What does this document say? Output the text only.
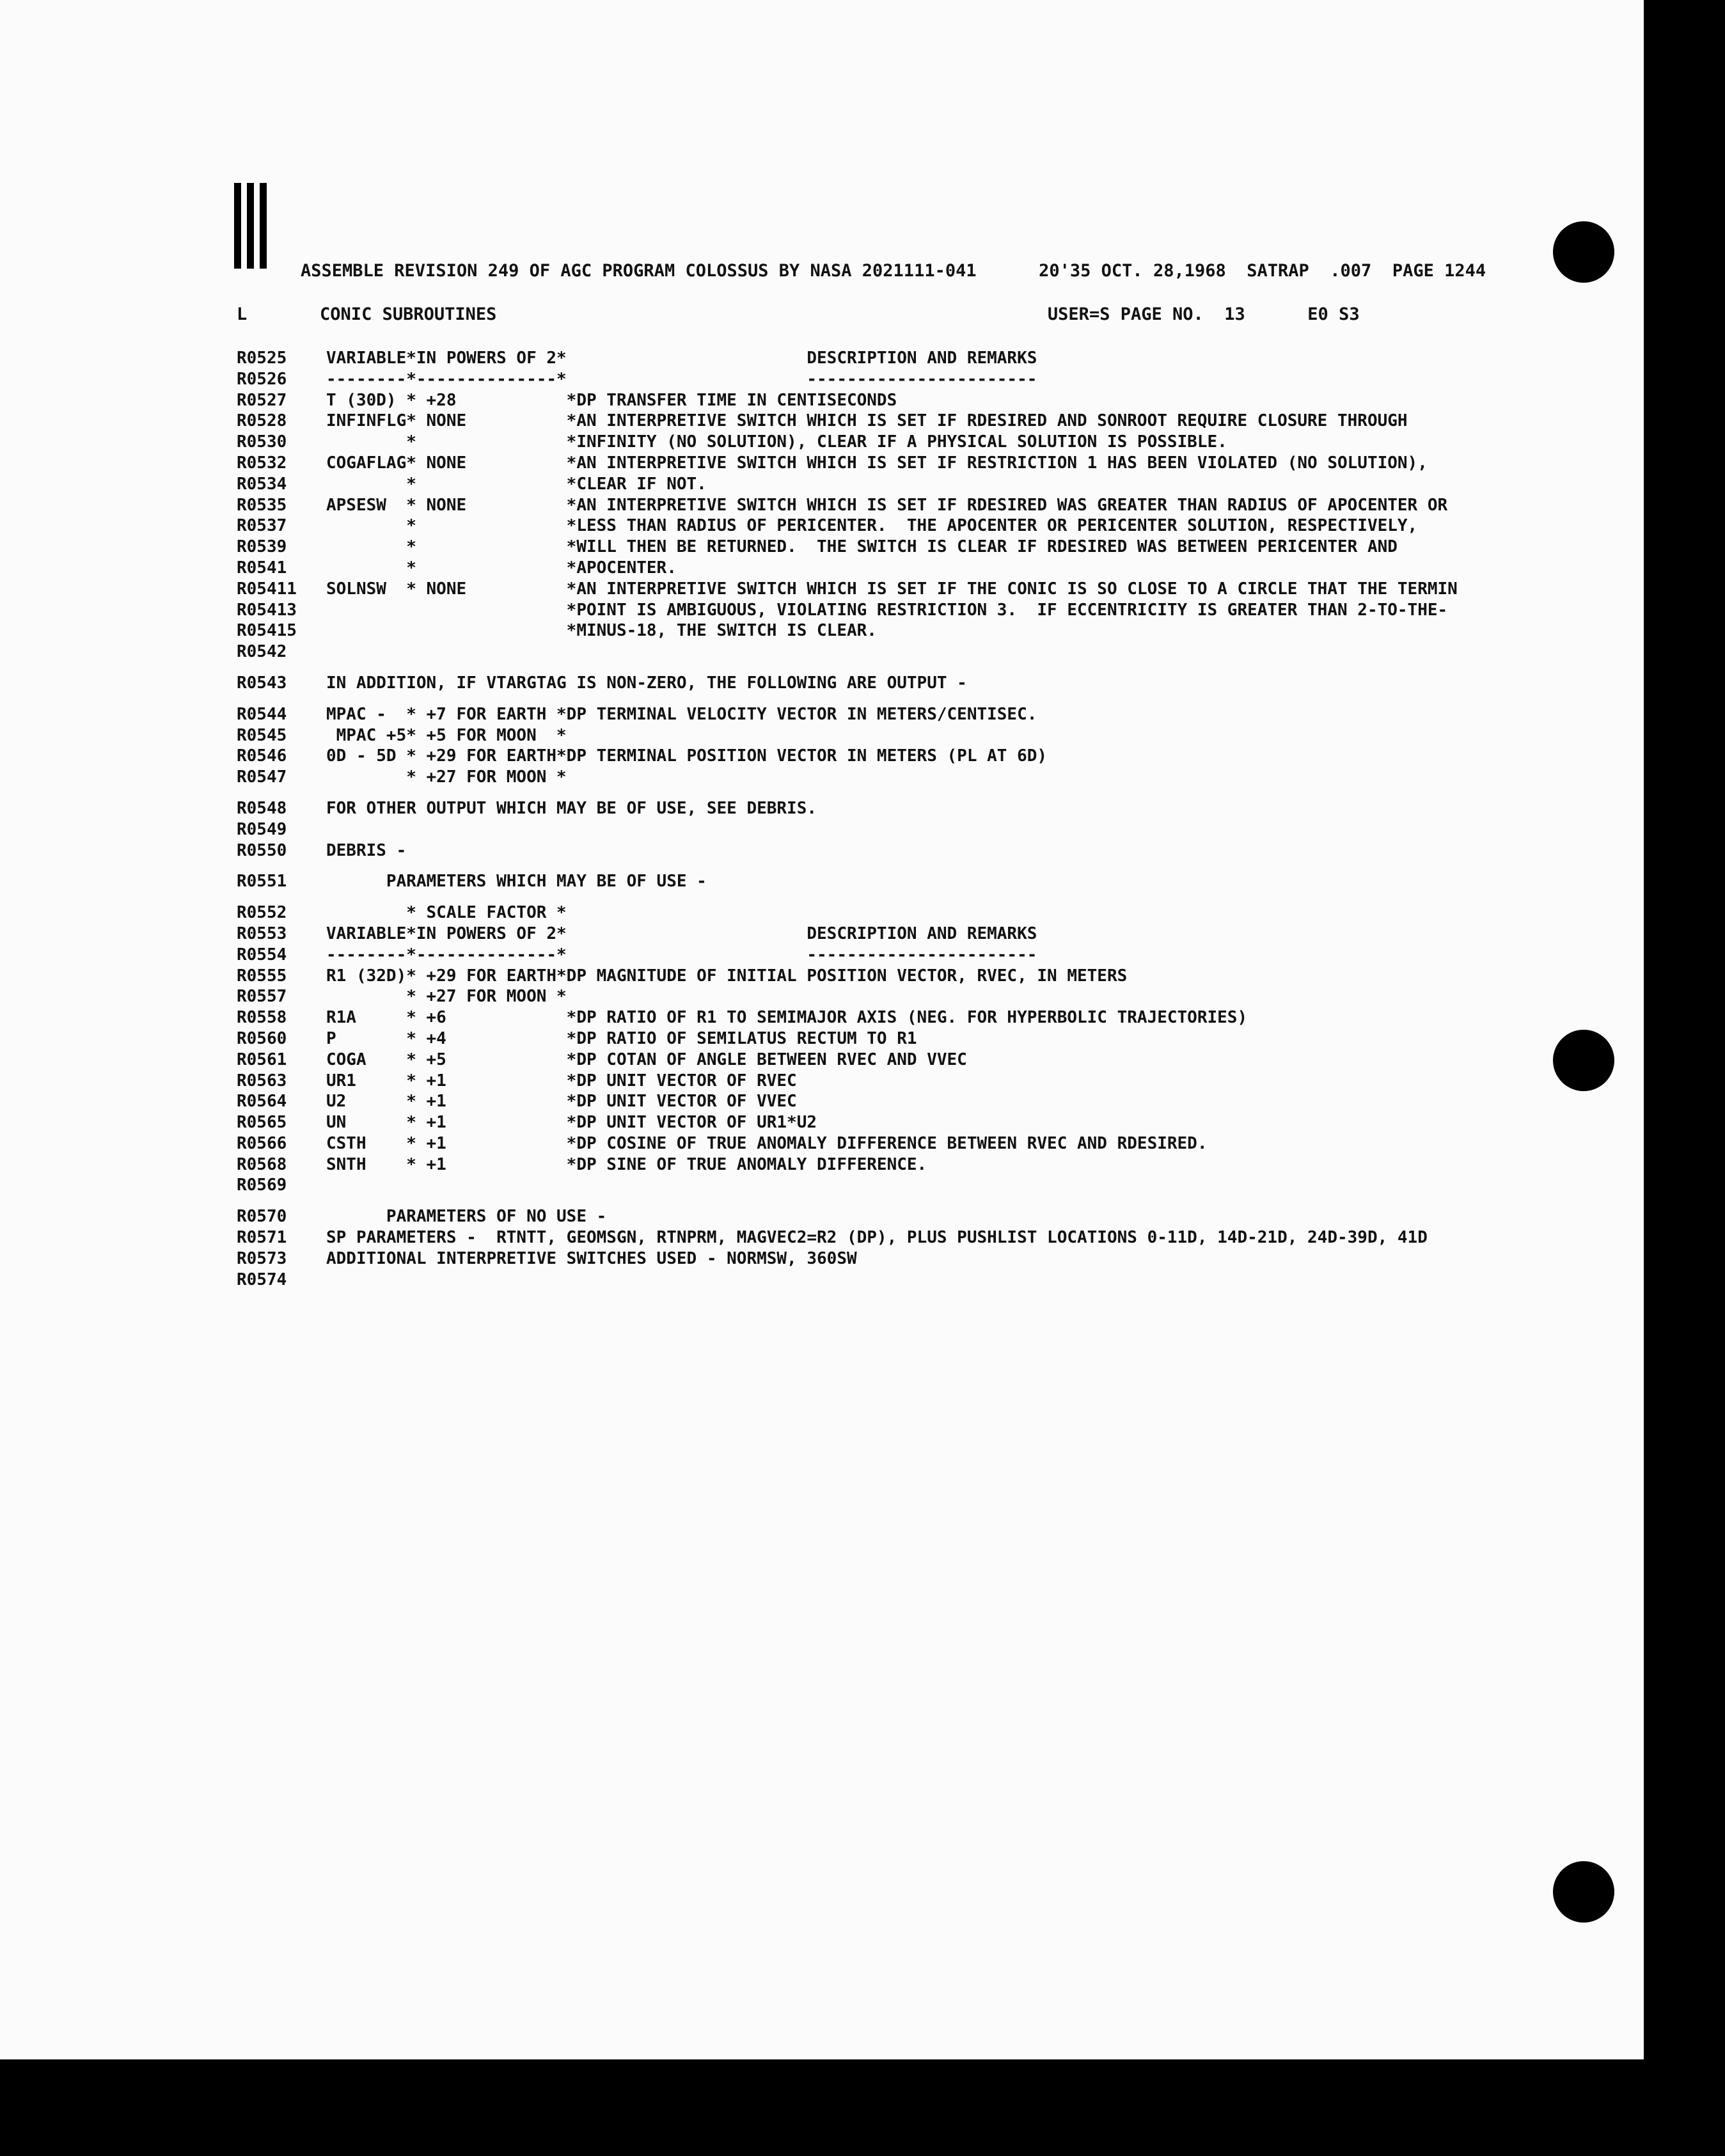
ASSEMBLE REVISION 249 OF AGC PROGRAM COLOSSUS BY NASA 2021111-041      20'35 OCT. 28,1968  SATRAP  .007  PAGE 1244
L       CONIC SUBROUTINES                                                     USER=S PAGE NO.  13      E0 S3
R0525 VARIABLE*IN POWERS OF 2*                        DESCRIPTION AND REMARKS
R0526 --------*--------------*                        -----------------------
R0527 T (30D) * +28           *DP TRANSFER TIME IN CENTISECONDS
R0528 INFINFLG* NONE          *AN INTERPRETIVE SWITCH WHICH IS SET IF RDESIRED AND SONROOT REQUIRE CLOSURE THROUGH
R0530        *               *INFINITY (NO SOLUTION), CLEAR IF A PHYSICAL SOLUTION IS POSSIBLE.
R0532 COGAFLAG* NONE          *AN INTERPRETIVE SWITCH WHICH IS SET IF RESTRICTION 1 HAS BEEN VIOLATED (NO SOLUTION),
R0534        *               *CLEAR IF NOT.
R0535 APSESW  * NONE          *AN INTERPRETIVE SWITCH WHICH IS SET IF RDESIRED WAS GREATER THAN RADIUS OF APOCENTER OR
R0537        *               *LESS THAN RADIUS OF PERICENTER.  THE APOCENTER OR PERICENTER SOLUTION, RESPECTIVELY,
R0539        *               *WILL THEN BE RETURNED.  THE SWITCH IS CLEAR IF RDESIRED WAS BETWEEN PERICENTER AND
R0541        *               *APOCENTER.
R05411 SOLNSW  * NONE          *AN INTERPRETIVE SWITCH WHICH IS SET IF THE CONIC IS SO CLOSE TO A CIRCLE THAT THE TERMIN
R05413                        *POINT IS AMBIGUOUS, VIOLATING RESTRICTION 3.  IF ECCENTRICITY IS GREATER THAN 2-TO-THE-
R05415                        *MINUS-18, THE SWITCH IS CLEAR.
R0542
R0543 IN ADDITION, IF VTARGTAG IS NON-ZERO, THE FOLLOWING ARE OUTPUT -
R0544 MPAC -  * +7 FOR EARTH *DP TERMINAL VELOCITY VECTOR IN METERS/CENTISEC.
R0545 MPAC +5* +5 FOR MOON  *
R0546 0D - 5D * +29 FOR EARTH*DP TERMINAL POSITION VECTOR IN METERS (PL AT 6D)
R0547        * +27 FOR MOON *
R0548 FOR OTHER OUTPUT WHICH MAY BE OF USE, SEE DEBRIS.
R0549
R0550 DEBRIS -
R0551      PARAMETERS WHICH MAY BE OF USE -
R0552        * SCALE FACTOR *
R0553 VARIABLE*IN POWERS OF 2*                        DESCRIPTION AND REMARKS
R0554 --------*--------------*                        -----------------------
R0555 R1 (32D)* +29 FOR EARTH*DP MAGNITUDE OF INITIAL POSITION VECTOR, RVEC, IN METERS
R0557        * +27 FOR MOON *
R0558 R1A     * +6            *DP RATIO OF R1 TO SEMIMAJOR AXIS (NEG. FOR HYPERBOLIC TRAJECTORIES)
R0560 P       * +4            *DP RATIO OF SEMILATUS RECTUM TO R1
R0561 COGA    * +5            *DP COTAN OF ANGLE BETWEEN RVEC AND VVEC
R0563 UR1     * +1            *DP UNIT VECTOR OF RVEC
R0564 U2      * +1            *DP UNIT VECTOR OF VVEC
R0565 UN      * +1            *DP UNIT VECTOR OF UR1*U2
R0566 CSTH    * +1            *DP COSINE OF TRUE ANOMALY DIFFERENCE BETWEEN RVEC AND RDESIRED.
R0568 SNTH    * +1            *DP SINE OF TRUE ANOMALY DIFFERENCE.
R0569
R0570      PARAMETERS OF NO USE -
R0571 SP PARAMETERS -  RTNTT, GEOMSGN, RTNPRM, MAGVEC2=R2 (DP), PLUS PUSHLIST LOCATIONS 0-11D, 14D-21D, 24D-39D, 41D
R0573 ADDITIONAL INTERPRETIVE SWITCHES USED - NORMSW, 360SW
R0574
